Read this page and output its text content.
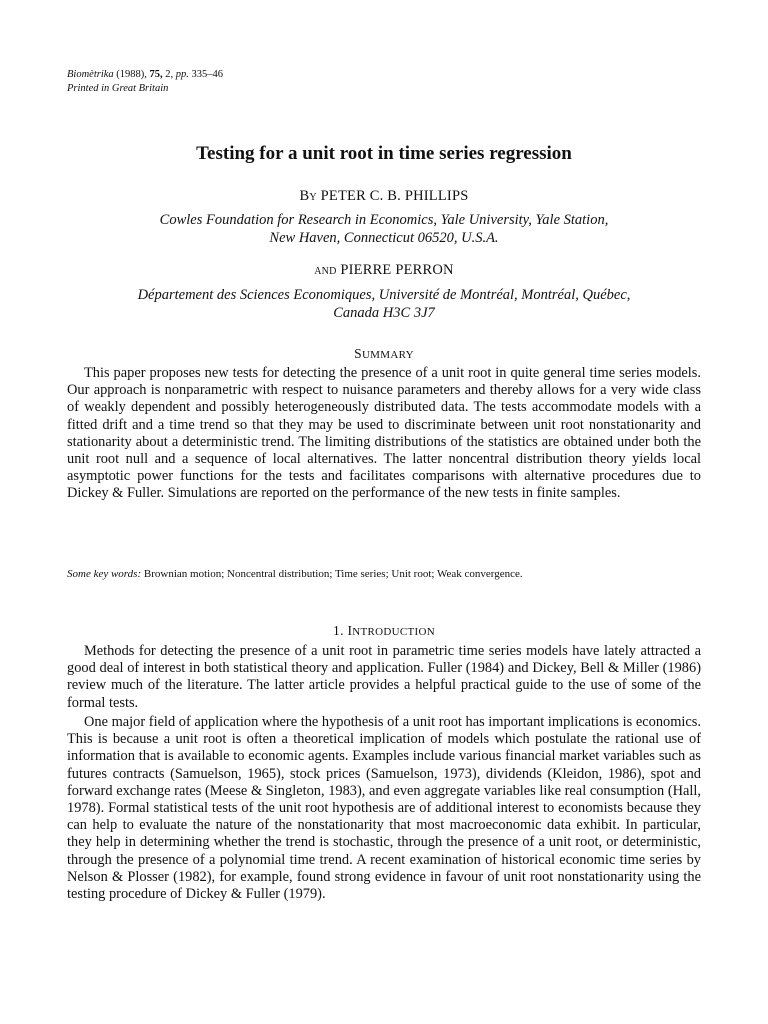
Biomètrika (1988), 75, 2, pp. 335–46
Printed in Great Britain
Testing for a unit root in time series regression
By PETER C. B. PHILLIPS
Cowles Foundation for Research in Economics, Yale University, Yale Station,
New Haven, Connecticut 06520, U.S.A.
and PIERRE PERRON
Département des Sciences Economiques, Université de Montréal, Montréal, Québec,
Canada H3C 3J7
SUMMARY

This paper proposes new tests for detecting the presence of a unit root in quite general time series models. Our approach is nonparametric with respect to nuisance parameters and thereby allows for a very wide class of weakly dependent and possibly heterogeneously distributed data. The tests accommodate models with a fitted drift and a time trend so that they may be used to discriminate between unit root nonstationarity and stationarity about a deterministic trend. The limiting distributions of the statistics are obtained under both the unit root null and a sequence of local alternatives. The latter noncentral distribution theory yields local asymptotic power functions for the tests and facilitates comparisons with alternative procedures due to Dickey & Fuller. Simulations are reported on the performance of the new tests in finite samples.

Some key words: Brownian motion; Noncentral distribution; Time series; Unit root; Weak convergence.
1. INTRODUCTION

Methods for detecting the presence of a unit root in parametric time series models have lately attracted a good deal of interest in both statistical theory and application. Fuller (1984) and Dickey, Bell & Miller (1986) review much of the literature. The latter article provides a helpful practical guide to the use of some of the formal tests.

One major field of application where the hypothesis of a unit root has important implications is economics. This is because a unit root is often a theoretical implication of models which postulate the rational use of information that is available to economic agents. Examples include various financial market variables such as futures contracts (Samuelson, 1965), stock prices (Samuelson, 1973), dividends (Kleidon, 1986), spot and forward exchange rates (Meese & Singleton, 1983), and even aggregate variables like real consumption (Hall, 1978). Formal statistical tests of the unit root hypothesis are of additional interest to economists because they can help to evaluate the nature of the nonstationarity that most macroeconomic data exhibit. In particular, they help in determining whether the trend is stochastic, through the presence of a unit root, or deterministic, through the presence of a polynomial time trend. A recent examination of historical economic time series by Nelson & Plosser (1982), for example, found strong evidence in favour of unit root nonstationarity using the testing procedure of Dickey & Fuller (1979).
